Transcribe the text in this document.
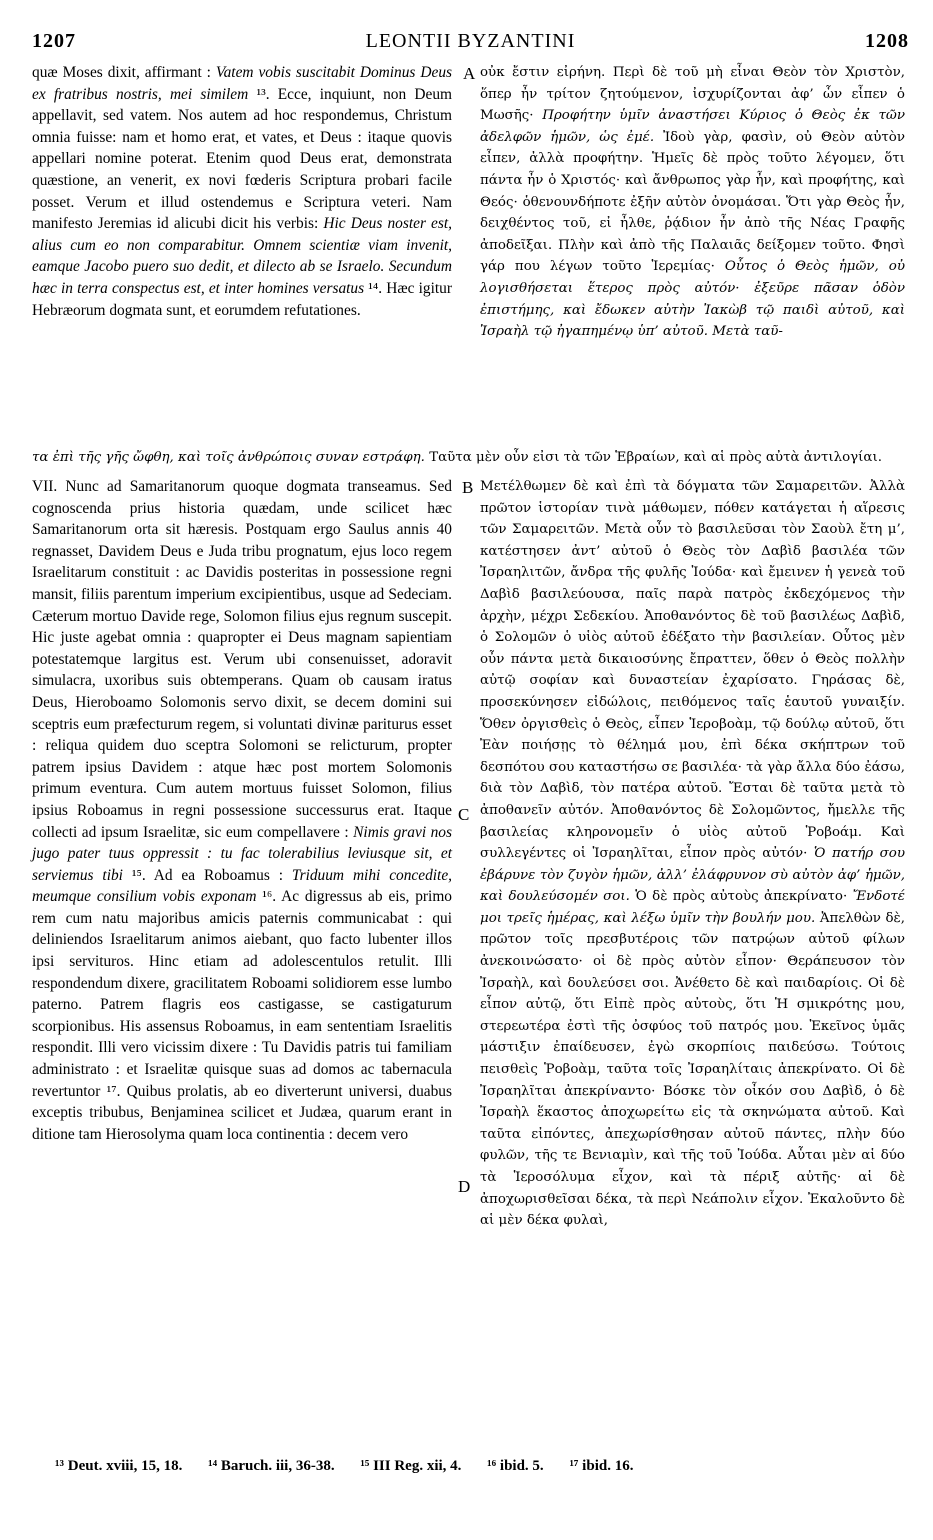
1207	LEONTII BYZANTINI	1208

quæ Moses dixit, affirmant : Vatem vobis suscitabit Dominus Deus ex fratribus nostris, mei similem ¹³. Ecce, inquiunt, non Deum appellavit, sed vatem. Nos autem ad hoc respondemus, Christum omnia fuisse: nam et homo erat, et vates, et Deus : itaque quovis appellari nomine poterat. Etenim quod Deus erat, demonstrata quæstione, an venerit, ex novi fœderis Scriptura probari facile posset. Verum et illud ostendemus e Scriptura veteri. Nam manifesto Jeremias id alicubi dicit his verbis: Hic Deus noster est, alius cum eo non comparabitur. Omnem scientiæ viam invenit, eamque Jacobo puero suo dedit, et dilecto ab se Israelo. Secundum hæc in terra conspectus est, et inter homines versatus ¹⁴. Hæc igitur Hebræorum dogmata sunt, et eorumdem refutationes.

οὐκ ἔστιν εἰρήνη. Περὶ δὲ τοῦ μὴ εἶναι Θεὸν τὸν Χριστὸν, ὅπερ ἦν τρίτον ζητούμενον, ἰσχυρίζονται ἀφ’ ὧν εἶπεν ὁ Μωσῆς· Προφήτην ὑμῖν ἀναστήσει Κύριος ὁ Θεὸς ἐκ τῶν ἀδελφῶν ἡμῶν, ὡς ἐμέ. Ἰδοὺ γὰρ, φασὶν, οὐ Θεὸν αὐτὸν εἶπεν, ἀλλὰ προφήτην. Ἡμεῖς δὲ πρὸς τοῦτο λέγομεν, ὅτι πάντα ἦν ὁ Χριστός· καὶ ἄνθρωπος γὰρ ἦν, καὶ προφήτης, καὶ Θεός· ὁθενουνδήποτε ἐξῆν αὐτὸν ὀνομάσαι. Ὅτι γὰρ Θεὸς ἦν, δειχθέντος τοῦ, εἰ ἦλθε, ῥᾴδιον ἦν ἀπὸ τῆς Νέας Γραφῆς ἀποδεῖξαι. Πλὴν καὶ ἀπὸ τῆς Παλαιᾶς δείξομεν τοῦτο. Φησὶ γάρ που λέγων τοῦτο Ἱερεμίας· Οὗτος ὁ Θεὸς ἡμῶν, οὐ λογισθήσεται ἕτερος πρὸς αὐτόν· ἐξεῦρε πᾶσαν ὁδὸν ἐπιστήμης, καὶ ἔδωκεν αὐτὴν Ἰακὼβ τῷ παιδὶ αὐτοῦ, καὶ Ἰσραὴλ τῷ ἠγαπημένῳ ὑπ’ αὐτοῦ. Μετὰ ταῦ-

A

τα ἐπὶ τῆς γῆς ὤφθη, καὶ τοῖς ἀνθρώποις συναν εστράφη. Ταῦτα μὲν οὖν εἰσι τὰ τῶν Ἑβραίων, καὶ αἱ πρὸς αὐτὰ ἀντιλογίαι.

VII. Nunc ad Samaritanorum quoque dogmata transeamus. Sed cognoscenda prius historia quædam, unde scilicet hæc Samaritanorum orta sit hæresis. Postquam ergo Saulus annis 40 regnasset, Davidem Deus e Juda tribu prognatum, ejus loco regem Israelitarum constituit : ac Davidis posteritas in possessione regni mansit, filiis parentum imperium excipientibus, usque ad Sedeciam. Cæterum mortuo Davide rege, Solomon filius ejus regnum suscepit. Hic juste agebat omnia : quapropter ei Deus magnam sapientiam potestatemque largitus est. Verum ubi consenuisset, adoravit simulacra, uxoribus suis obtemperans. Quam ob causam iratus Deus, Hieroboamo Solomonis servo dixit, se decem domini sui sceptris eum præfecturum regem, si voluntati divinæ pariturus esset : reliqua quidem duo sceptra Solomoni se relicturum, propter patrem ipsius Davidem : atque hæc post mortem Solomonis primum eventura. Cum autem mortuus fuisset Solomon, filius ipsius Roboamus in regni possessione successurus erat. Itaque collecti ad ipsum Israelitæ, sic eum compellavere : Nimis gravi nos jugo pater tuus oppressit : tu fac tolerabilius leviusque sit, et serviemus tibi ¹⁵. Ad ea Roboamus : Triduum mihi concedite, meumque consilium vobis exponam ¹⁶. Ac digressus ab eis, primo rem cum natu majoribus amicis paternis communicabat : qui deliniendos Israelitarum animos aiebant, quo facto lubenter illos ipsi servituros. Hinc etiam ad adolescentulos retulit. Illi respondendum dixere, gracilitatem Roboami solidiorem esse lumbo paterno. Patrem flagris eos castigasse, se castigaturum scorpionibus. His assensus Roboamus, in eam sententiam Israelitis respondit. Illi vero vicissim dixere : Tu Davidis patris tui familiam administrato : et Israelitæ quisque suas ad domos ac tabernacula revertuntor ¹⁷. Quibus prolatis, ab eo diverterunt universi, duabus exceptis tribubus, Benjaminea scilicet et Judæa, quarum erant in ditione tam Hierosolyma quam loca continentia : decem vero

Μετέλθωμεν δὲ καὶ ἐπὶ τὰ δόγματα τῶν Σαμαρειτῶν. Ἀλλὰ πρῶτον ἱστορίαν τινὰ μάθωμεν, πόθεν κατάγεται ἡ αἵρεσις τῶν Σαμαρειτῶν. Μετὰ οὖν τὸ βασιλεῦσαι τὸν Σαοὺλ ἔτη μ’, κατέστησεν ἀντ’ αὐτοῦ ὁ Θεὸς τὸν Δαβὶδ βασιλέα τῶν Ἰσραηλιτῶν, ἄνδρα τῆς φυλῆς Ἰούδα· καὶ ἔμεινεν ἡ γενεὰ τοῦ Δαβὶδ βασιλεύουσα, παῖς παρὰ πατρὸς ἐκδεχόμενος τὴν ἀρχὴν, μέχρι Σεδεκίου. Ἀποθανόντος δὲ τοῦ βασιλέως Δαβὶδ, ὁ Σολομῶν ὁ υἱὸς αὐτοῦ ἐδέξατο τὴν βασιλείαν. Οὗτος μὲν οὖν πάντα μετὰ δικαιοσύνης ἔπραττεν, ὅθεν ὁ Θεὸς πολλὴν αὐτῷ σοφίαν καὶ δυναστείαν ἐχαρίσατο. Γηράσας δὲ, προσεκύνησεν εἰδώλοις, πειθόμενος ταῖς ἑαυτοῦ γυναιξίν. Ὅθεν ὀργισθεὶς ὁ Θεὸς, εἶπεν Ἱεροβοὰμ, τῷ δούλῳ αὐτοῦ, ὅτι Ἐὰν ποιήσῃς τὸ θέλημά μου, ἐπὶ δέκα σκήπτρων τοῦ δεσπότου σου καταστήσω σε βασιλέα· τὰ γὰρ ἄλλα δύο ἐάσω, διὰ τὸν Δαβὶδ, τὸν πατέρα αὐτοῦ. Ἔσται δὲ ταῦτα μετὰ τὸ ἀποθανεῖν αὐτόν. Ἀποθανόντος δὲ Σολομῶντος, ἤμελλε τῆς βασιλείας κληρονομεῖν ὁ υἱὸς αὐτοῦ Ῥοβοάμ. Καὶ συλλεγέντες οἱ Ἰσραηλῖται, εἶπον πρὸς αὐτόν· Ὁ πατήρ σου ἐβάρυνε τὸν ζυγὸν ἡμῶν, ἀλλ’ ἐλάφρυνον σὺ αὐτὸν ἀφ’ ἡμῶν, καὶ δουλεύσομέν σοι. Ὁ δὲ πρὸς αὐτοὺς ἀπεκρίνατο· Ἔνδοτέ μοι τρεῖς ἡμέρας, καὶ λέξω ὑμῖν τὴν βουλήν μου. Ἀπελθὼν δὲ, πρῶτον τοῖς πρεσβυτέροις τῶν πατρῴων αὐτοῦ φίλων ἀνεκοινώσατο· οἱ δὲ πρὸς αὐτὸν εἶπον· Θεράπευσον τὸν Ἰσραὴλ, καὶ δουλεύσει σοι. Ἀνέθετο δὲ καὶ παιδαρίοις. Οἱ δὲ εἶπον αὐτῷ, ὅτι Εἰπὲ πρὸς αὐτοὺς, ὅτι Ἡ σμικρότης μου, στερεωτέρα ἐστὶ τῆς ὀσφύος τοῦ πατρός μου. Ἐκεῖνος ὑμᾶς μάστιξιν ἐπαίδευσεν, ἐγὼ σκορπίοις παιδεύσω. Τούτοις πεισθεὶς Ῥοβοὰμ, ταῦτα τοῖς Ἰσραηλίταις ἀπεκρίνατο. Οἱ δὲ Ἰσραηλῖται ἀπεκρίναντο· Βόσκε τὸν οἶκόν σου Δαβὶδ, ὁ δὲ Ἰσραὴλ ἕκαστος ἀποχωρείτω εἰς τὰ σκηνώματα αὐτοῦ. Καὶ ταῦτα εἰπόντες, ἀπεχωρίσθησαν αὐτοῦ πάντες, πλὴν δύο φυλῶν, τῆς τε Βενιαμὶν, καὶ τῆς τοῦ Ἰούδα. Αὗται μὲν αἱ δύο τὰ Ἱεροσόλυμα εἶχον, καὶ τὰ πέριξ αὐτῆς· αἱ δὲ ἀποχωρισθεῖσαι δέκα, τὰ περὶ Νεάπολιν εἶχον. Ἐκαλοῦντο δὲ αἱ μὲν δέκα φυλαὶ,

B
C
D
¹³ Deut. xviii, 15, 18. ¹⁴ Baruch. iii, 36-38. ¹⁵ III Reg. xii, 4. ¹⁶ ibid. 5. ¹⁷ ibid. 16.
